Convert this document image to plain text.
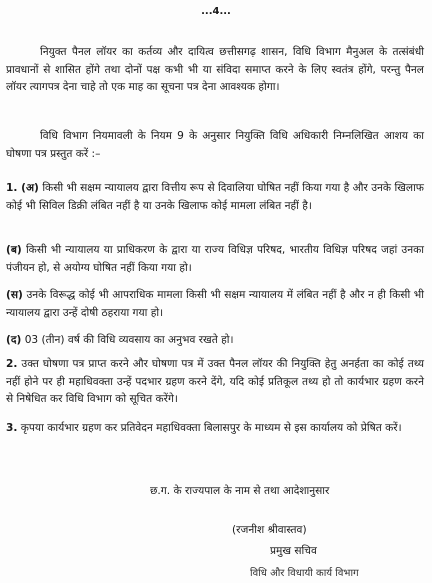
...4...

नियुक्त पैनल लॉयर का कर्तव्य और दायित्व छत्तीसगढ़ शासन, विधि विभाग मैनुअल के तत्संबंधी प्रावधानों से शासित होंगे तथा दोनों पक्ष कभी भी या संविदा समाप्त करने के लिए स्वतंत्र होंगे, परन्तु पैनल लॉयर त्यागपत्र देना चाहे तो एक माह का सूचना पत्र देना आवश्यक होगा।

विधि विभाग नियमावली के नियम 9 के अनुसार नियुक्ति विधि अधिकारी निम्नलिखित आशय का घोषणा पत्र प्रस्तुत करें :–

1. (अ) किसी भी सक्षम न्यायालय द्वारा वित्तीय रूप से दिवालिया घोषित नहीं किया गया है और उनके खिलाफ कोई भी सिविल डिक्री लंबित नहीं है या उनके खिलाफ कोई मामला लंबित नहीं है।

(ब) किसी भी न्यायालय या प्राधिकरण के द्वारा या राज्य विधिज्ञ परिषद, भारतीय विधिज्ञ परिषद जहां उनका पंजीयन हो, से अयोग्य घोषित नहीं किया गया हो।

(स) उनके विरूद्ध कोई भी आपराधिक मामला किसी भी सक्षम न्यायालय में लंबित नहीं है और न ही किसी भी न्यायालय द्वारा उन्हें दोषी ठहराया गया हो।

(द) 03 (तीन) वर्ष की विधि व्यवसाय का अनुभव रखते हो।

2. उक्त घोषणा पत्र प्राप्त करने और घोषणा पत्र में उक्त पैनल लॉयर की नियुक्ति हेतु अनर्हता का कोई तथ्य नहीं होने पर ही महाधिवक्ता उन्हें पदभार ग्रहण करने देंगे, यदि कोई प्रतिकूल तथ्य हो तो कार्यभार ग्रहण करने से निषेधित कर विधि विभाग को सूचित करेंगे।

3. कृपया कार्यभार ग्रहण कर प्रतिवेदन महाधिवक्ता बिलासपुर के माध्यम से इस कार्यालय को प्रेषित करें।

छ.ग. के राज्यपाल के नाम से तथा आदेशानुसार
(रजनीश श्रीवास्तव)
प्रमुख सचिव
विधि और विधायी कार्य विभाग
